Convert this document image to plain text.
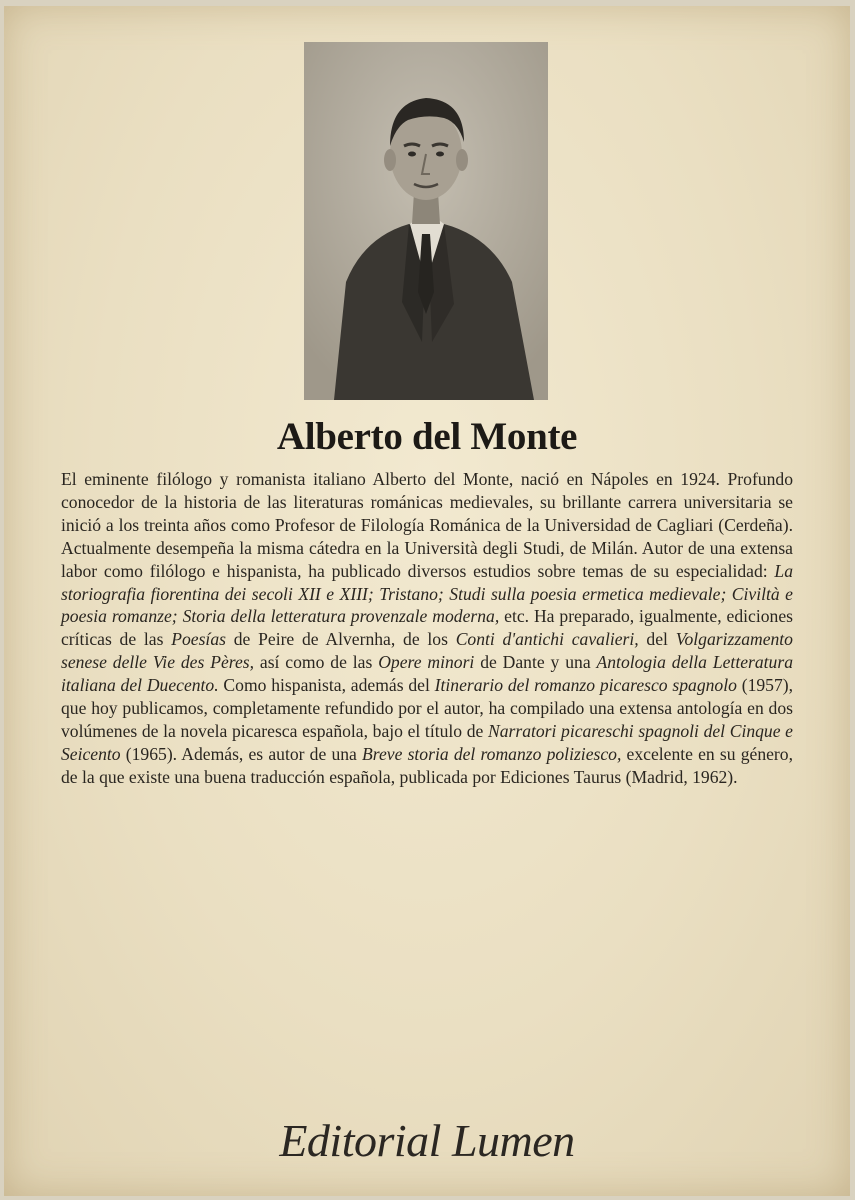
Alberto del Monte

El eminente filólogo y romanista italiano Alberto del Monte, nació en Nápoles en 1924. Profundo conocedor de la historia de las literaturas románicas medievales, su brillante carrera universitaria se inició a los treinta años como Profesor de Filología Románica de la Universidad de Cagliari (Cerdeña). Actualmente desempeña la misma cátedra en la Università degli Studi, de Milán. Autor de una extensa labor como filólogo e hispanista, ha publicado diversos estudios sobre temas de su especialidad: La storiografia fiorentina dei secoli XII e XIII; Tristano; Studi sulla poesia ermetica medievale; Civiltà e poesia romanze; Storia della letteratura provenzale moderna, etc. Ha preparado, igualmente, ediciones críticas de las Poesías de Peire de Alvernha, de los Conti d'antichi cavalieri, del Volgarizzamento senese delle Vie des Pères, así como de las Opere minori de Dante y una Antologia della Letteratura italiana del Duecento. Como hispanista, además del Itinerario del romanzo picaresco spagnolo (1957), que hoy publicamos, completamente refundido por el autor, ha compilado una extensa antología en dos volúmenes de la novela picaresca española, bajo el título de Narratori picareschi spagnoli del Cinque e Seicento (1965). Además, es autor de una Breve storia del romanzo poliziesco, excelente en su género, de la que existe una buena traducción española, publicada por Ediciones Taurus (Madrid, 1962).

Editorial Lumen
